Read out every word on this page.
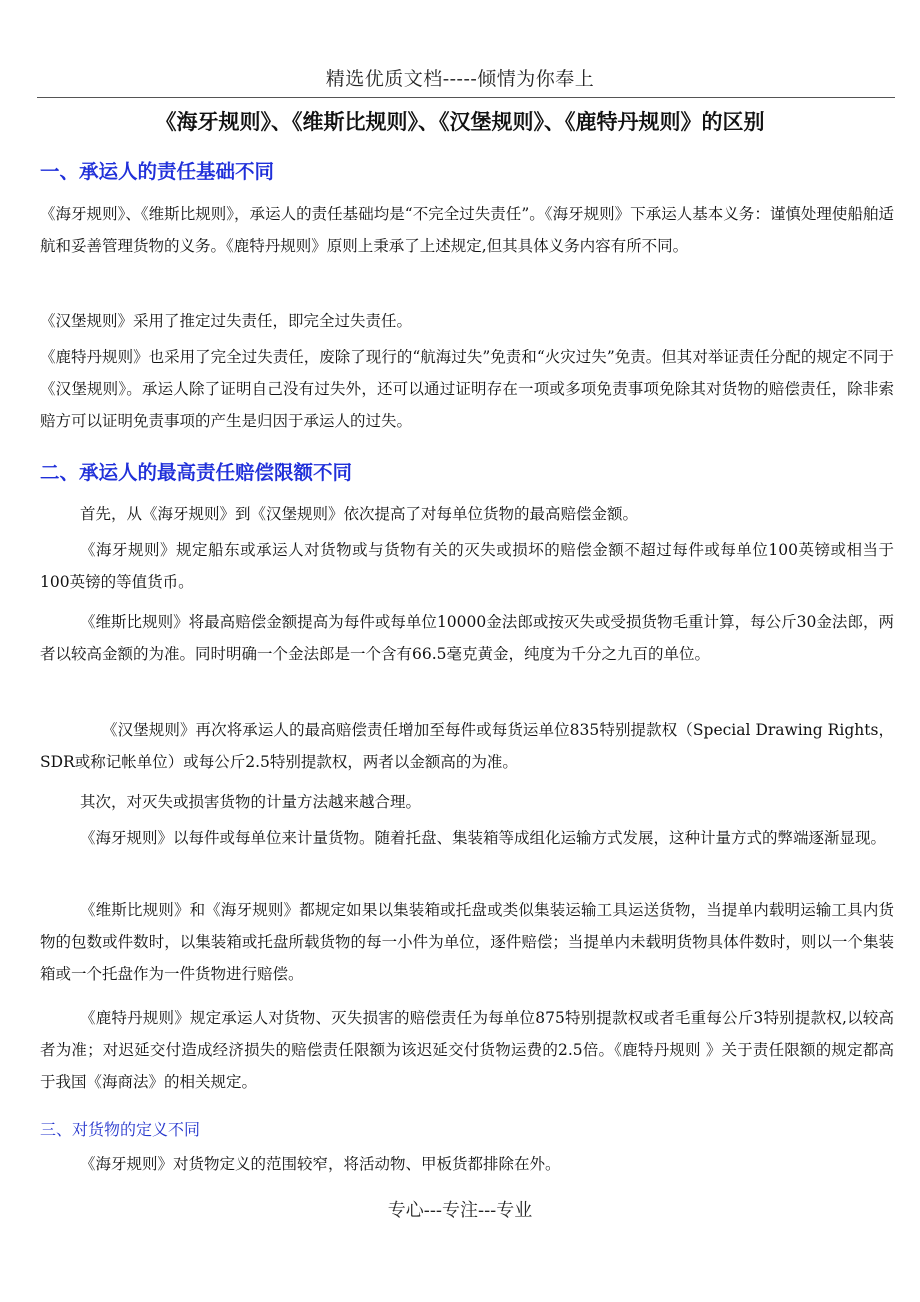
精选优质文档-----倾情为你奉上
《海牙规则》、《维斯比规则》、《汉堡规则》、《鹿特丹规则》的区别
一、承运人的责任基础不同
《海牙规则》、《维斯比规则》，承运人的责任基础均是“不完全过失责任”。《海牙规则》下承运人基本义务：谨慎处理使船舶适航和妥善管理货物的义务。《鹿特丹规则》原则上秉承了上述规定,但其具体义务内容有所不同。
《汉堡规则》采用了推定过失责任，即完全过失责任。
《鹿特丹规则》也采用了完全过失责任，废除了现行的“航海过失”免责和“火灾过失”免责。但其对举证责任分配的规定不同于《汉堡规则》。承运人除了证明自己没有过失外，还可以通过证明存在一项或多项免责事项免除其对货物的赔偿责任，除非索赔方可以证明免责事项的产生是归因于承运人的过失。
二、承运人的最高责任赔偿限额不同
首先，从《海牙规则》到《汉堡规则》依次提高了对每单位货物的最高赔偿金额。
《海牙规则》规定船东或承运人对货物或与货物有关的灭失或损坏的赔偿金额不超过每件或每单位100英镑或相当于100英镑的等值货币。
《维斯比规则》将最高赔偿金额提高为每件或每单位10000金法郎或按灭失或受损货物毛重计算，每公斤30金法郎，两者以较高金额的为准。同时明确一个金法郎是一个含有66.5毫克黄金，纯度为千分之九百的单位。
《汉堡规则》再次将承运人的最高赔偿责任增加至每件或每货运单位835特别提款权（Special Drawing Rights，SDR或称记帐单位）或每公斤2.5特别提款权，两者以金额高的为准。
其次，对灭失或损害货物的计量方法越来越合理。
《海牙规则》以每件或每单位来计量货物。随着托盘、集装箱等成组化运输方式发展，这种计量方式的弊端逐渐显现。
《维斯比规则》和《海牙规则》都规定如果以集装箱或托盘或类似集装运输工具运送货物，当提单内载明运输工具内货物的包数或件数时，以集装箱或托盘所载货物的每一小件为单位，逐件赔偿；当提单内未载明货物具体件数时，则以一个集装箱或一个托盘作为一件货物进行赔偿。
《鹿特丹规则》规定承运人对货物、灭失损害的赔偿责任为每单位875特别提款权或者毛重每公斤3特别提款权,以较高者为准；对迟延交付造成经济损失的赔偿责任限额为该迟延交付货物运费的2.5倍。《鹿特丹规则 》关于责任限额的规定都高于我国《海商法》的相关规定。
三、对货物的定义不同
《海牙规则》对货物定义的范围较窄，将活动物、甲板货都排除在外。
专心---专注---专业
